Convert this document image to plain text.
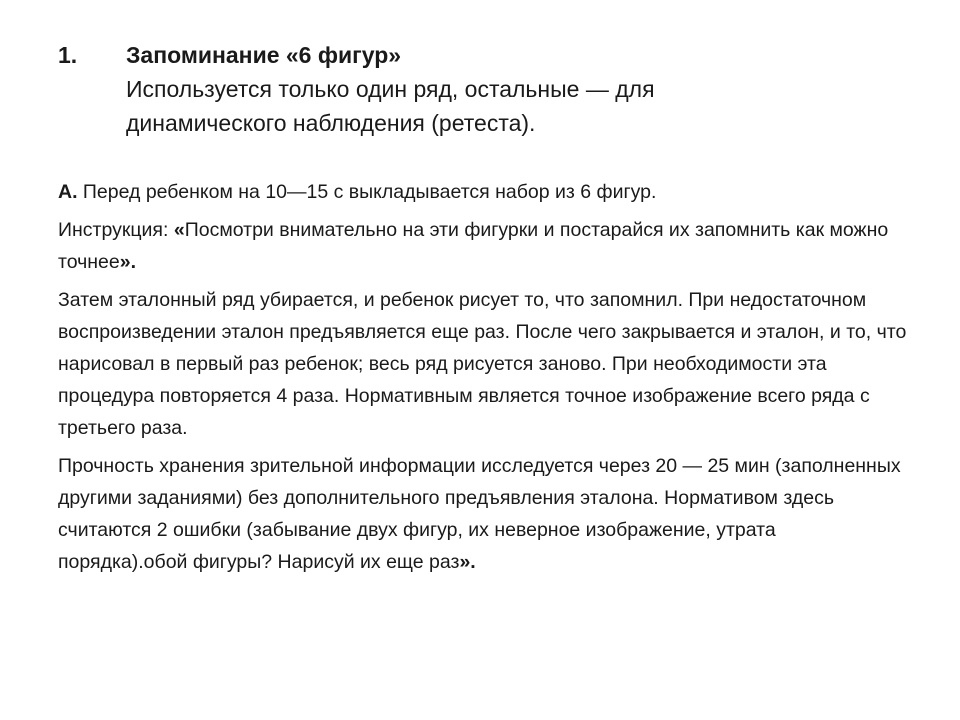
1.	Запоминание «6 фигур»
Используется только один ряд, остальные — для
динамического наблюдения (ретеста).

А. Перед ребенком на 10—15 с выкладывается набор из 6 фигур.

Инструкция: «Посмотри внимательно на эти фигурки и постарайся их запомнить как можно точнее».

Затем эталонный ряд убирается, и ребенок рисует то, что запомнил. При недостаточном воспроизведении эталон предъявляется еще раз. После чего закрывается и эталон, и то, что нарисовал в первый раз ребенок; весь ряд рисуется заново. При необходимости эта процедура повторяется 4 раза. Нормативным является точное изображение всего ряда с третьего раза.

Прочность хранения зрительной информации исследуется через 20 — 25 мин (заполненных другими заданиями) без дополнительного предъявления эталона. Нормативом здесь считаются 2 ошибки (забывание двух фигур, их неверное изображение, утрата порядка).обой фигуры? Нарисуй их еще раз».
